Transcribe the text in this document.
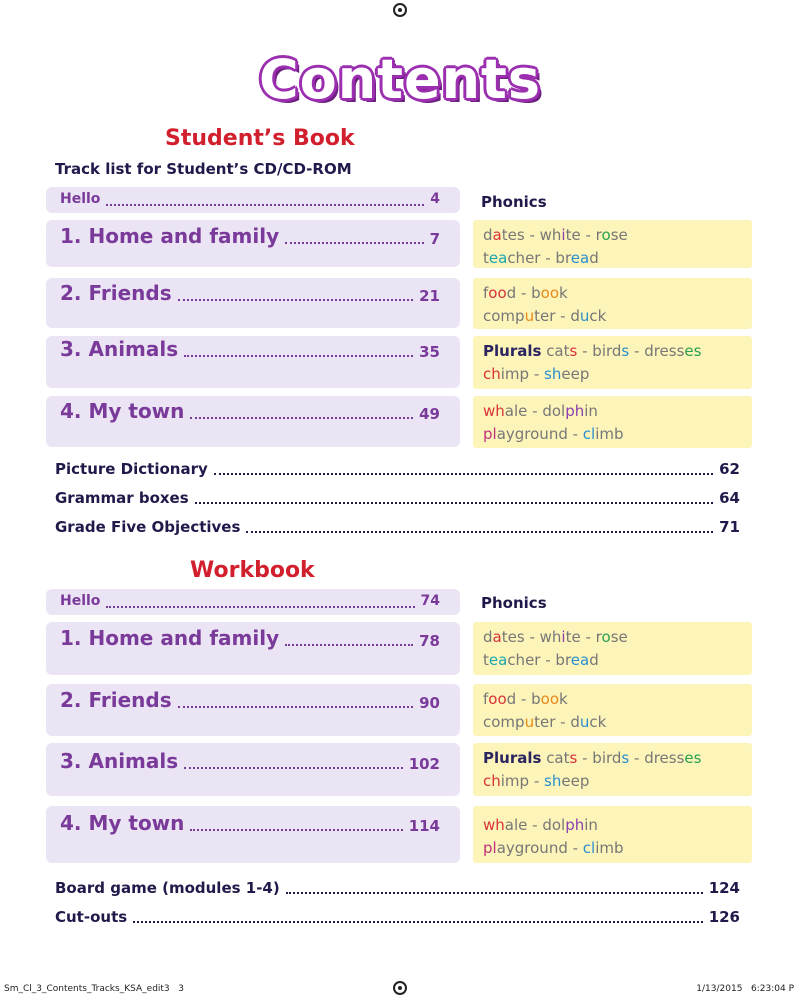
Contents
Student’s Book
Track list for Student’s CD/CD-ROM
Hello	4
1. Home and family	7
2. Friends	21
3. Animals	35
4. My town	49
Phonics
dates - white - rose
teacher - bread
food - book
computer - duck
Plurals cats - birds - dresses
chimp - sheep
whale - dolphin
playground - climb
Picture Dictionary	62
Grammar boxes	64
Grade Five Objectives	71
Workbook
Hello	74
1. Home and family	78
2. Friends	90
3. Animals	102
4. My town	114
Phonics
dates - white - rose
teacher - bread
food - book
computer - duck
Plurals cats - birds - dresses
chimp - sheep
whale - dolphin
playground - climb
Board game (modules 1-4)	124
Cut-outs	126
Sm_Cl_3_Contents_Tracks_KSA_edit3   3	1/13/2015   6:23:04 P
